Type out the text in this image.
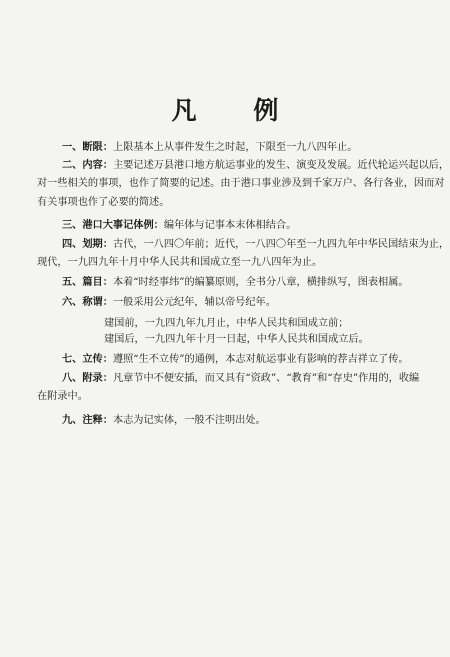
凡 例
一、断限：上限基本上从事件发生之时起，下限至一九八四年止。
二、内容：主要记述万县港口地方航运事业的发生、演变及发展。近代轮运兴起以后，
对一些相关的事项，也作了简要的记述。由于港口事业涉及到千家万户、各行各业，因而对
有关事项也作了必要的简述。
三、港口大事记体例：编年体与记事本末体相结合。
四、划期：古代，一八四〇年前；近代，一八四〇年至一九四九年中华民国结束为止，
现代，一九四九年十月中华人民共和国成立至一九八四年为止。
五、篇目：本着“时经事纬”的编纂原则，全书分八章，横排纵写，图表相属。
六、称谓：一般采用公元纪年，辅以帝号纪年。
建国前，一九四九年九月止，中华人民共和国成立前；
建国后，一九四九年十月一日起，中华人民共和国成立后。
七、立传：遵照“生不立传”的通例，本志对航运事业有影响的荐吉祥立了传。
八、附录：凡章节中不便安插，而又具有“资政”、“教育”和“存史”作用的，收编
在附录中。
九、注释：本志为记实体，一般不注明出处。
